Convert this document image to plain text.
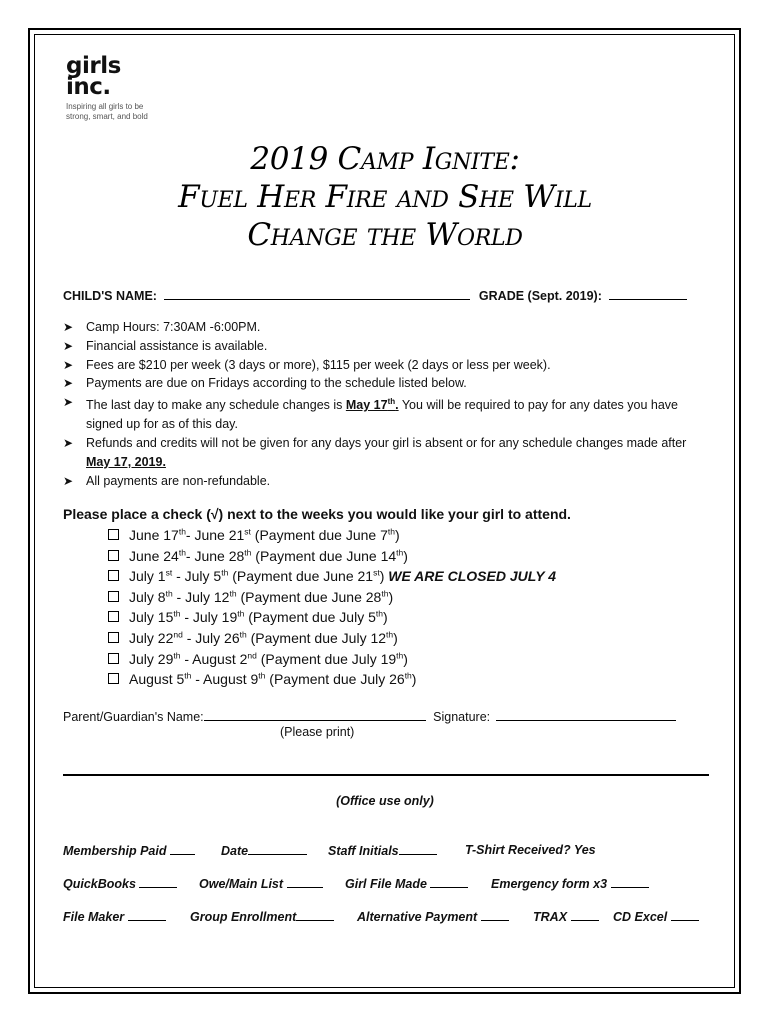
girls
inc.
Inspiring all girls to be
strong, smart, and bold
2019 Camp Ignite:
Fuel Her Fire and She Will
Change the World
CHILD'S NAME:	GRADE (Sept. 2019):
➤ Camp Hours: 7:30AM -6:00PM.
➤ Financial assistance is available.
➤ Fees are $210 per week (3 days or more), $115 per week (2 days or less per week).
➤ Payments are due on Fridays according to the schedule listed below.
➤ The last day to make any schedule changes is May 17th. You will be required to pay for any dates you have signed up for as of this day.
➤ Refunds and credits will not be given for any days your girl is absent or for any schedule changes made after May 17, 2019.
➤ All payments are non-refundable.
Please place a check (√) next to the weeks you would like your girl to attend.
June 17th- June 21st (Payment due June 7th)
June 24th- June 28th (Payment due June 14th)
July 1st - July 5th (Payment due June 21st) WE ARE CLOSED JULY 4
July 8th - July 12th (Payment due June 28th)
July 15th - July 19th (Payment due July 5th)
July 22nd - July 26th (Payment due July 12th)
July 29th - August 2nd (Payment due July 19th)
August 5th - August 9th (Payment due July 26th)
Parent/Guardian's Name:	Signature:
(Please print)
(Office use only)
Membership Paid	Date	Staff Initials	T-Shirt Received? Yes
QuickBooks	Owe/Main List	Girl File Made	Emergency form x3
File Maker	Group Enrollment	Alternative Payment	TRAX	CD Excel
